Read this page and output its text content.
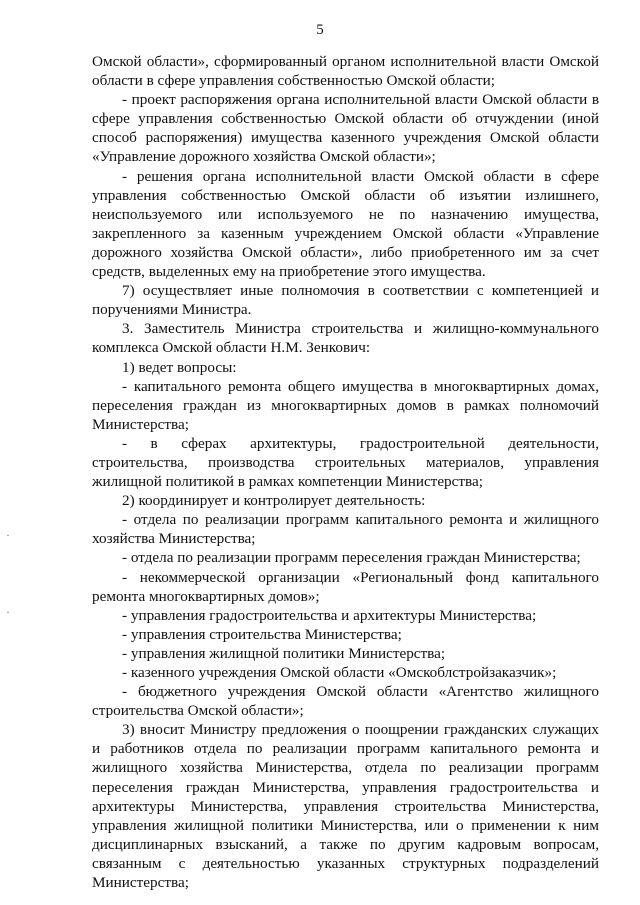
5
·
·

Омской области», сформированный органом исполнительной власти Омской области в сфере управления собственностью Омской области;

- проект распоряжения органа исполнительной власти Омской области в сфере управления собственностью Омской области об отчуждении (иной способ распоряжения) имущества казенного учреждения Омской области «Управление дорожного хозяйства Омской области»;

- решения органа исполнительной власти Омской области в сфере управления собственностью Омской области об изъятии излишнего, неиспользуемого или используемого не по назначению имущества, закрепленного за казенным учреждением Омской области «Управление дорожного хозяйства Омской области», либо приобретенного им за счет средств, выделенных ему на приобретение этого имущества.

7) осуществляет иные полномочия в соответствии с компетенцией и поручениями Министра.

3. Заместитель Министра строительства и жилищно-коммунального комплекса Омской области Н.М. Зенкович:

1) ведет вопросы:

- капитального ремонта общего имущества в многоквартирных домах, переселения граждан из многоквартирных домов в рамках полномочий Министерства;

- в сферах архитектуры, градостроительной деятельности, строительства, производства строительных материалов, управления жилищной политикой в рамках компетенции Министерства;

2) координирует и контролирует деятельность:

- отдела по реализации программ капитального ремонта и жилищного хозяйства Министерства;

- отдела по реализации программ переселения граждан Министерства;

- некоммерческой организации «Региональный фонд капитального ремонта многоквартирных домов»;

- управления градостроительства и архитектуры Министерства;

- управления строительства Министерства;

- управления жилищной политики Министерства;

- казенного учреждения Омской области «Омскоблстройзаказчик»;

- бюджетного учреждения Омской области «Агентство жилищного строительства Омской области»;

3) вносит Министру предложения о поощрении гражданских служащих и работников отдела по реализации программ капитального ремонта и жилищного хозяйства Министерства, отдела по реализации программ переселения граждан Министерства, управления градостроительства и архитектуры Министерства, управления строительства Министерства, управления жилищной политики Министерства, или о применении к ним дисциплинарных взысканий, а также по другим кадровым вопросам, связанным с деятельностью указанных структурных подразделений Министерства;
